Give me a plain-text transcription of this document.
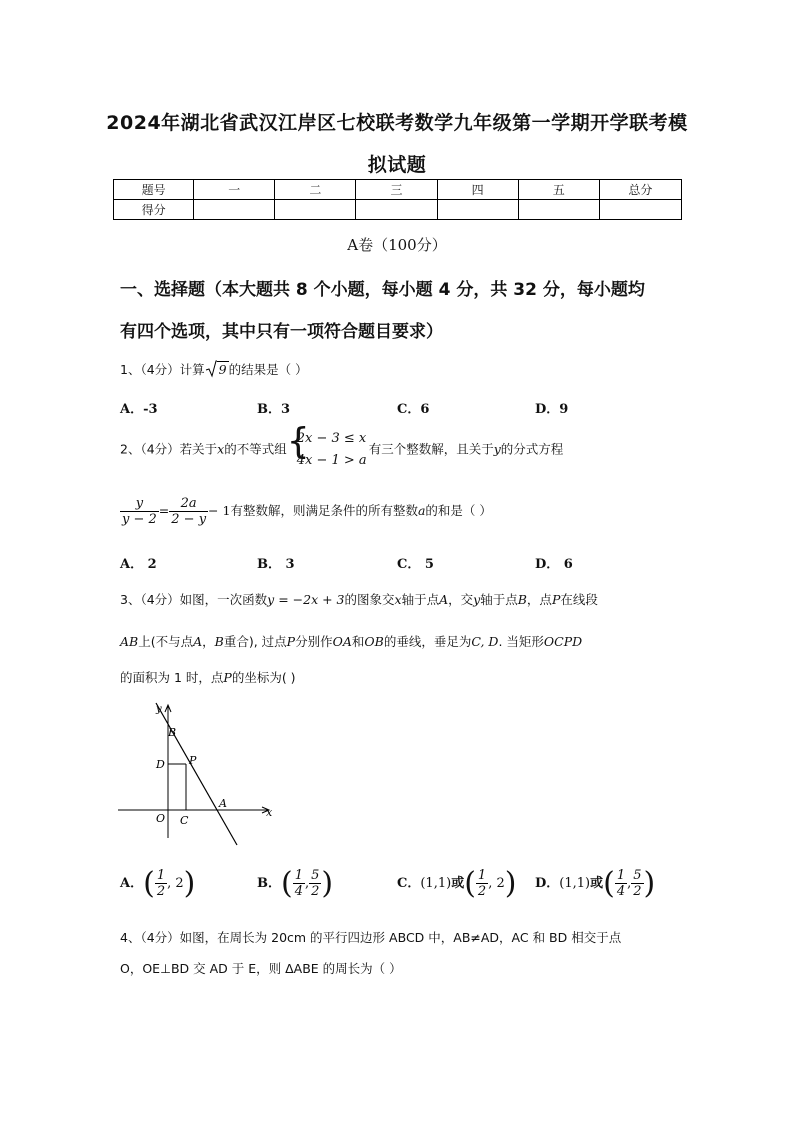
2024年湖北省武汉江岸区七校联考数学九年级第一学期开学联考模
拟试题
题号	一	二	三	四	五	总分
得分						
A卷（100分）
一、选择题（本大题共 8 个小题，每小题 4 分，共 32 分，每小题均
有四个选项，其中只有一项符合题目要求）
1、（4分）计算 9 的结果是（ ）
A．-3	B．3	C．6	D．9
2、（4分）若关于x的不等式组 {
2x − 3 ≤ x
4x − 1 > a
有三个整数解，且关于y的分式方程
$\frac{y}{y - 2} = \frac{2a}{2 - y} - 1$有整数解，则满足条件的所有整数a的和是（ ）
A． 2	B． 3	C． 5	D． 6
3、（4分）如图，一次函数y = −2x + 3的图象交x轴于点A，交y轴于点B，点P在线段
AB上(不与点A，B重合), 过点P分别作OA和OB的垂线，垂足为C, D. 当矩形OCPD
的面积为 1 时，点P的坐标为( )
y
x
B
D P
A
O C
A．( $\frac{1}{2}$ , 2)	B．( $\frac{1}{4}$ , $\frac{5}{2}$ )	C．(1,1)或( $\frac{1}{2}$ , 2) D．(1,1)或( $\frac{1}{4}$ , $\frac{5}{2}$ )
4、（4分）如图，在周长为 20cm 的平行四边形 ABCD 中，AB≠AD，AC 和 BD 相交于点
O，OE⊥BD 交 AD 于 E，则 ΔABE 的周长为（ ）
